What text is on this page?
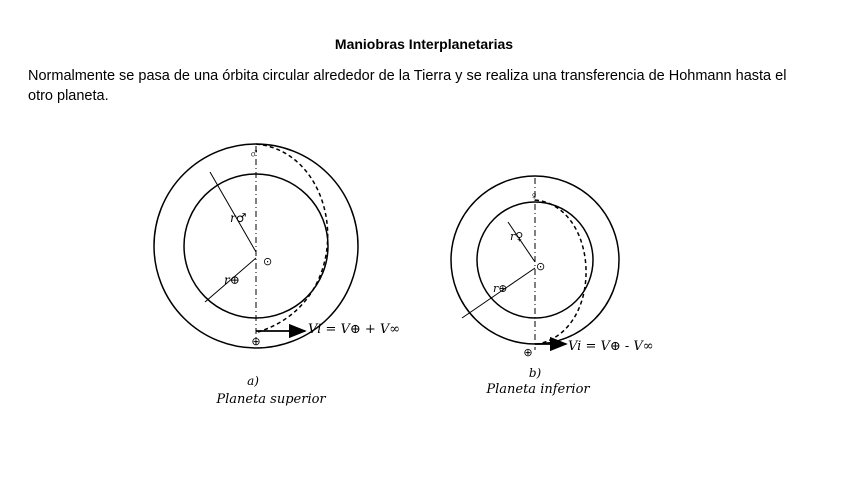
Maniobras Interplanetarias
Normalmente se pasa de una órbita circular alrededor de la Tierra y se realiza una transferencia de Hohmann hasta el otro planeta.
♂
r♂
r⊕
⊙
⊕
Vi = V⊕ + V∞
a)
Planeta superior
♀
r♀
r⊕
⊙
⊕	Vi = V⊕ - V∞
b)
Planeta inferior
